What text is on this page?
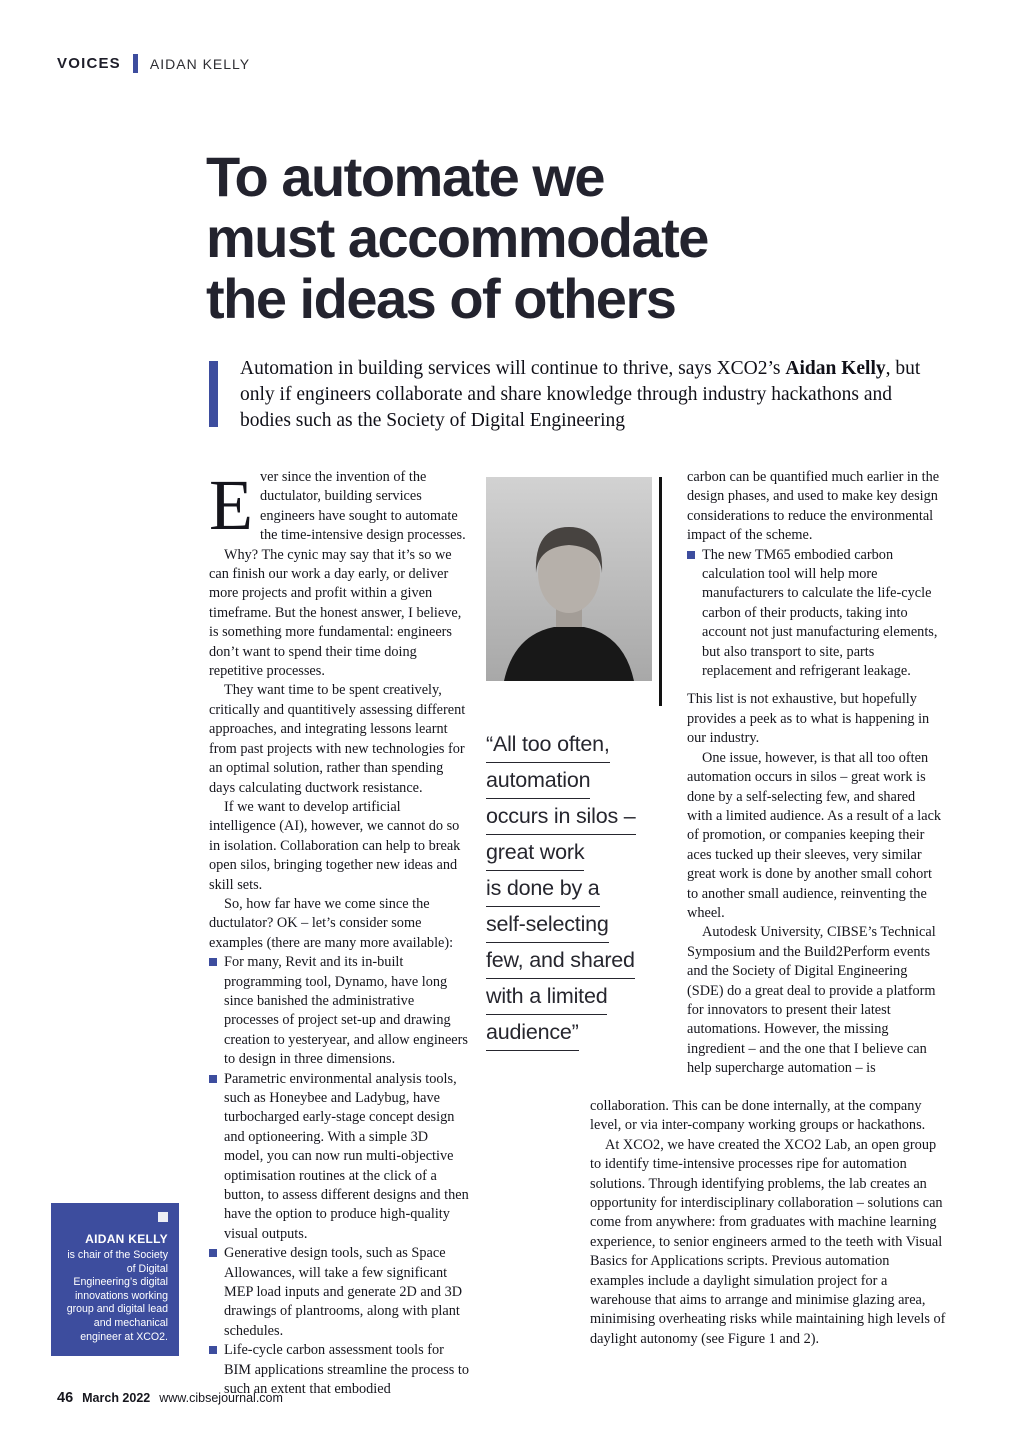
VOICES AIDAN KELLY
To automate we
must accommodate
the ideas of others

Automation in building services will continue to thrive, says XCO2’s Aidan Kelly, but only if engineers collaborate and share knowledge through industry hackathons and bodies such as the Society of Digital Engineering

Ever since the invention of the ductulator, building services engineers have sought to automate the time-intensive design processes.

Why? The cynic may say that it’s so we can finish our work a day early, or deliver more projects and profit within a given timeframe. But the honest answer, I believe, is something more fundamental: engineers don’t want to spend their time doing repetitive processes.

They want time to be spent creatively, critically and quantitively assessing different approaches, and integrating lessons learnt from past projects with new technologies for an optimal solution, rather than spending days calculating ductwork resistance.

If we want to develop artificial intelligence (AI), however, we cannot do so in isolation. Collaboration can help to break open silos, bringing together new ideas and skill sets.

So, how far have we come since the ductulator? OK – let’s consider some examples (there are many more available):

For many, Revit and its in-built programming tool, Dynamo, have long since banished the administrative processes of project set-up and drawing creation to yesteryear, and allow engineers to design in three dimensions.
Parametric environmental analysis tools, such as Honeybee and Ladybug, have turbocharged early-stage concept design and optioneering. With a simple 3D model, you can now run multi-objective optimisation routines at the click of a button, to assess different designs and then have the option to produce high-quality visual outputs.
Generative design tools, such as Space Allowances, will take a few significant MEP load inputs and generate 2D and 3D drawings of plantrooms, along with plant schedules.
Life-cycle carbon assessment tools for BIM applications streamline the process to such an extent that embodied
“All too often,
automation
occurs in silos –
great work
is done by a
self-selecting
few, and shared
with a limited
audience”

carbon can be quantified much earlier in the design phases, and used to make key design considerations to reduce the environmental impact of the scheme.

The new TM65 embodied carbon calculation tool will help more manufacturers to calculate the life-cycle carbon of their products, taking into account not just manufacturing elements, but also transport to site, parts replacement and refrigerant leakage.

This list is not exhaustive, but hopefully provides a peek as to what is happening in our industry.

One issue, however, is that all too often automation occurs in silos – great work is done by a self-selecting few, and shared with a limited audience. As a result of a lack of promotion, or companies keeping their aces tucked up their sleeves, very similar great work is done by another small cohort to another small audience, reinventing the wheel.

Autodesk University, CIBSE’s Technical Symposium and the Build2Perform events and the Society of Digital Engineering (SDE) do a great deal to provide a platform for innovators to present their latest automations. However, the missing ingredient – and the one that I believe can help supercharge automation – is

collaboration. This can be done internally, at the company level, or via inter-company working groups or hackathons.

At XCO2, we have created the XCO2 Lab, an open group to identify time-intensive processes ripe for automation solutions. Through identifying problems, the lab creates an opportunity for interdisciplinary collaboration – solutions can come from anywhere: from graduates with machine learning experience, to senior engineers armed to the teeth with Visual Basics for Applications scripts. Previous automation examples include a daylight simulation project for a warehouse that aims to arrange and minimise glazing area, minimising overheating risks while maintaining high levels of daylight autonomy (see Figure 1 and 2).

AIDAN KELLY
is chair of the Society of Digital Engineering’s digital innovations working group and digital lead and mechanical engineer at XCO2.
46 March 2022 www.cibsejournal.com
